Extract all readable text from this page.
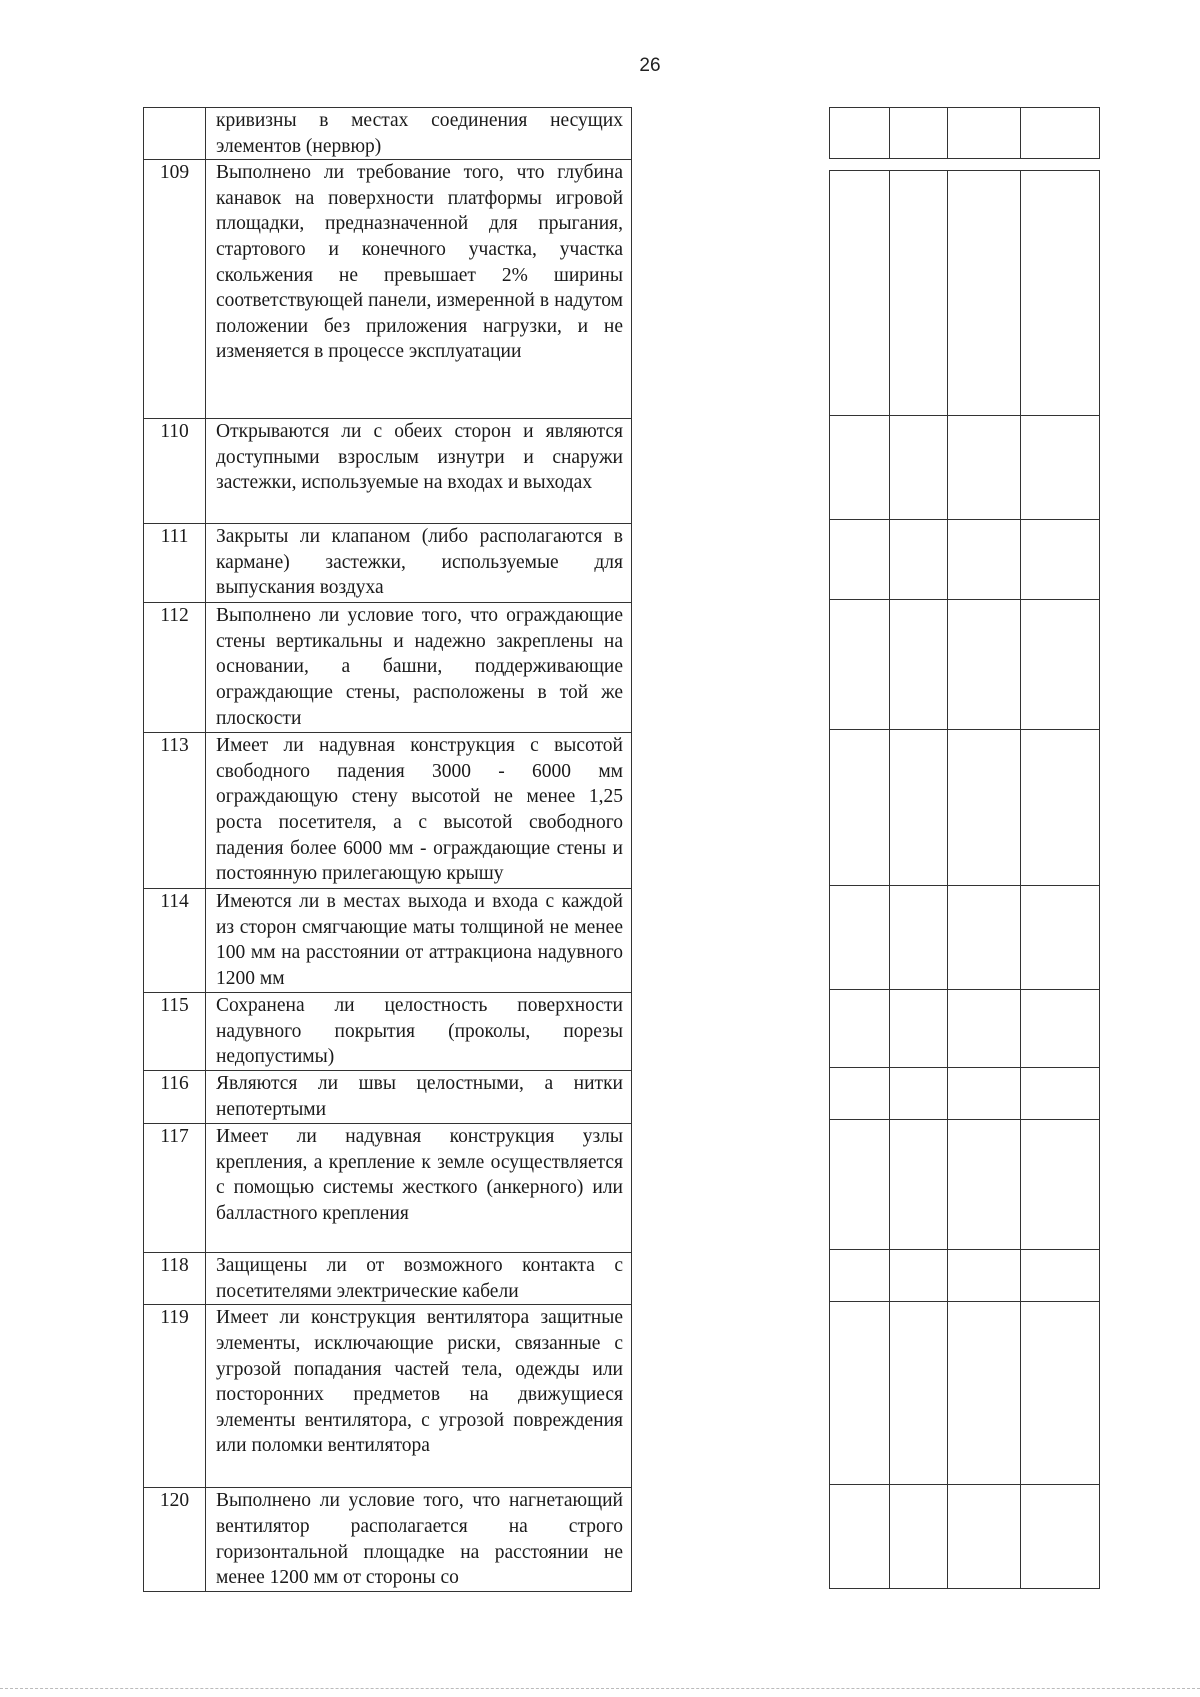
26
	кривизны в местах соединения несущих элементов (нервюр)
109	Выполнено ли требование того, что глубина канавок на поверхности платформы игровой площадки, предназначенной для прыгания, стартового и конечного участка, участка скольжения не превышает 2% ширины соответствующей панели, измеренной в надутом положении без приложения нагрузки, и не изменяется в процессе эксплуатации
110	Открываются ли с обеих сторон и являются доступными взрослым изнутри и снаружи застежки, используемые на входах и выходах
111	Закрыты ли клапаном (либо располагаются в кармане) застежки, используемые для выпускания воздуха
112	Выполнено ли условие того, что ограждающие стены вертикальны и надежно закреплены на основании, а башни, поддерживающие ограждающие стены, расположены в той же плоскости
113	Имеет ли надувная конструкция с высотой свободного падения 3000 - 6000 мм ограждающую стену высотой не менее 1,25 роста посетителя, а с высотой свободного падения более 6000 мм - ограждающие стены и постоянную прилегающую крышу
114	Имеются ли в местах выхода и входа с каждой из сторон смягчающие маты толщиной не менее 100 мм на расстоянии от аттракциона надувного 1200 мм
115	Сохранена ли целостность поверхности надувного покрытия (проколы, порезы недопустимы)
116	Являются ли швы целостными, а нитки непотертыми
117	Имеет ли надувная конструкция узлы крепления, а крепление к земле осуществляется с помощью системы жесткого (анкерного) или балластного крепления
118	Защищены ли от возможного контакта с посетителями электрические кабели
119	Имеет ли конструкция вентилятора защитные элементы, исключающие риски, связанные с угрозой попадания частей тела, одежды или посторонних предметов на движущиеся элементы вентилятора, с угрозой повреждения или поломки вентилятора
120	Выполнено ли условие того, что нагнетающий вентилятор располагается на строго горизонтальной площадке на расстоянии не менее 1200 мм от стороны со
